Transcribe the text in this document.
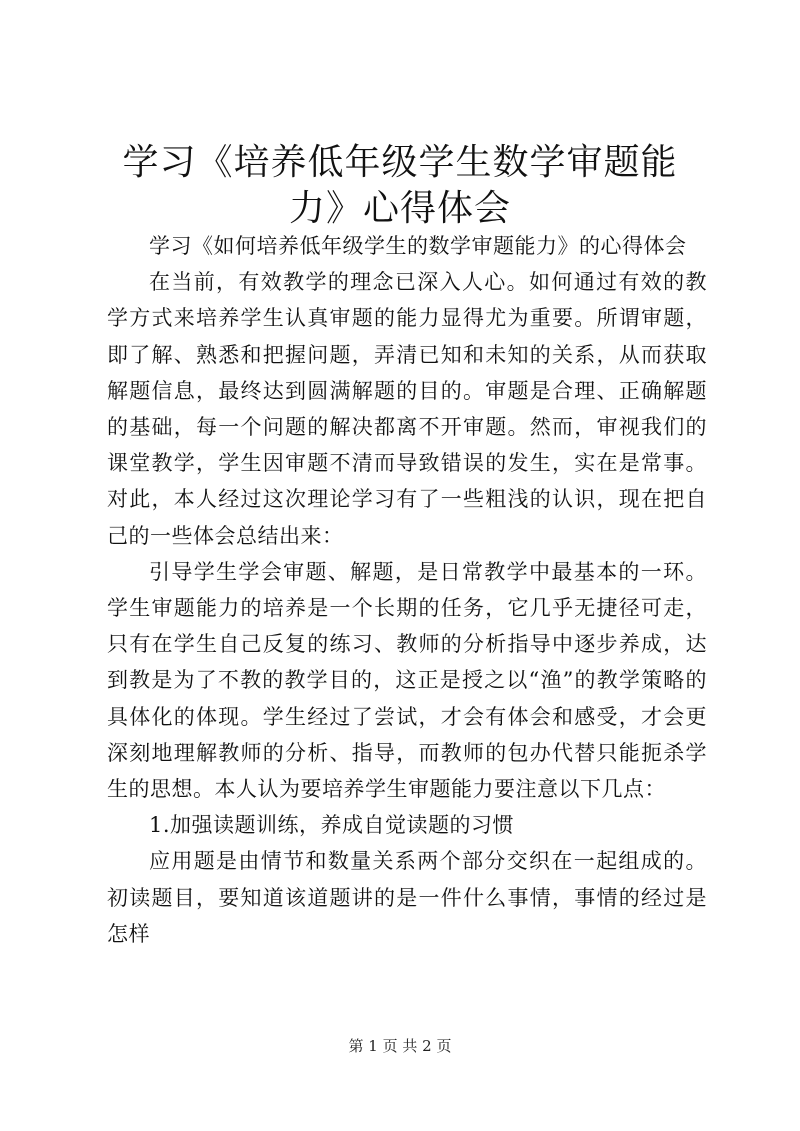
学习《培养低年级学生数学审题能力》心得体会

学习《如何培养低年级学生的数学审题能力》的心得体会

在当前，有效教学的理念已深入人心。如何通过有效的教学方式来培养学生认真审题的能力显得尤为重要。所谓审题，即了解、熟悉和把握问题，弄清已知和未知的关系，从而获取解题信息，最终达到圆满解题的目的。审题是合理、正确解题的基础，每一个问题的解决都离不开审题。然而，审视我们的课堂教学，学生因审题不清而导致错误的发生，实在是常事。对此，本人经过这次理论学习有了一些粗浅的认识，现在把自己的一些体会总结出来：

引导学生学会审题、解题，是日常教学中最基本的一环。学生审题能力的培养是一个长期的任务，它几乎无捷径可走，只有在学生自己反复的练习、教师的分析指导中逐步养成，达到教是为了不教的教学目的，这正是授之以“渔”的教学策略的具体化的体现。学生经过了尝试，才会有体会和感受，才会更深刻地理解教师的分析、指导，而教师的包办代替只能扼杀学生的思想。本人认为要培养学生审题能力要注意以下几点：

1.加强读题训练，养成自觉读题的习惯

应用题是由情节和数量关系两个部分交织在一起组成的。初读题目，要知道该道题讲的是一件什么事情，事情的经过是怎样

第 1 页 共 2 页
